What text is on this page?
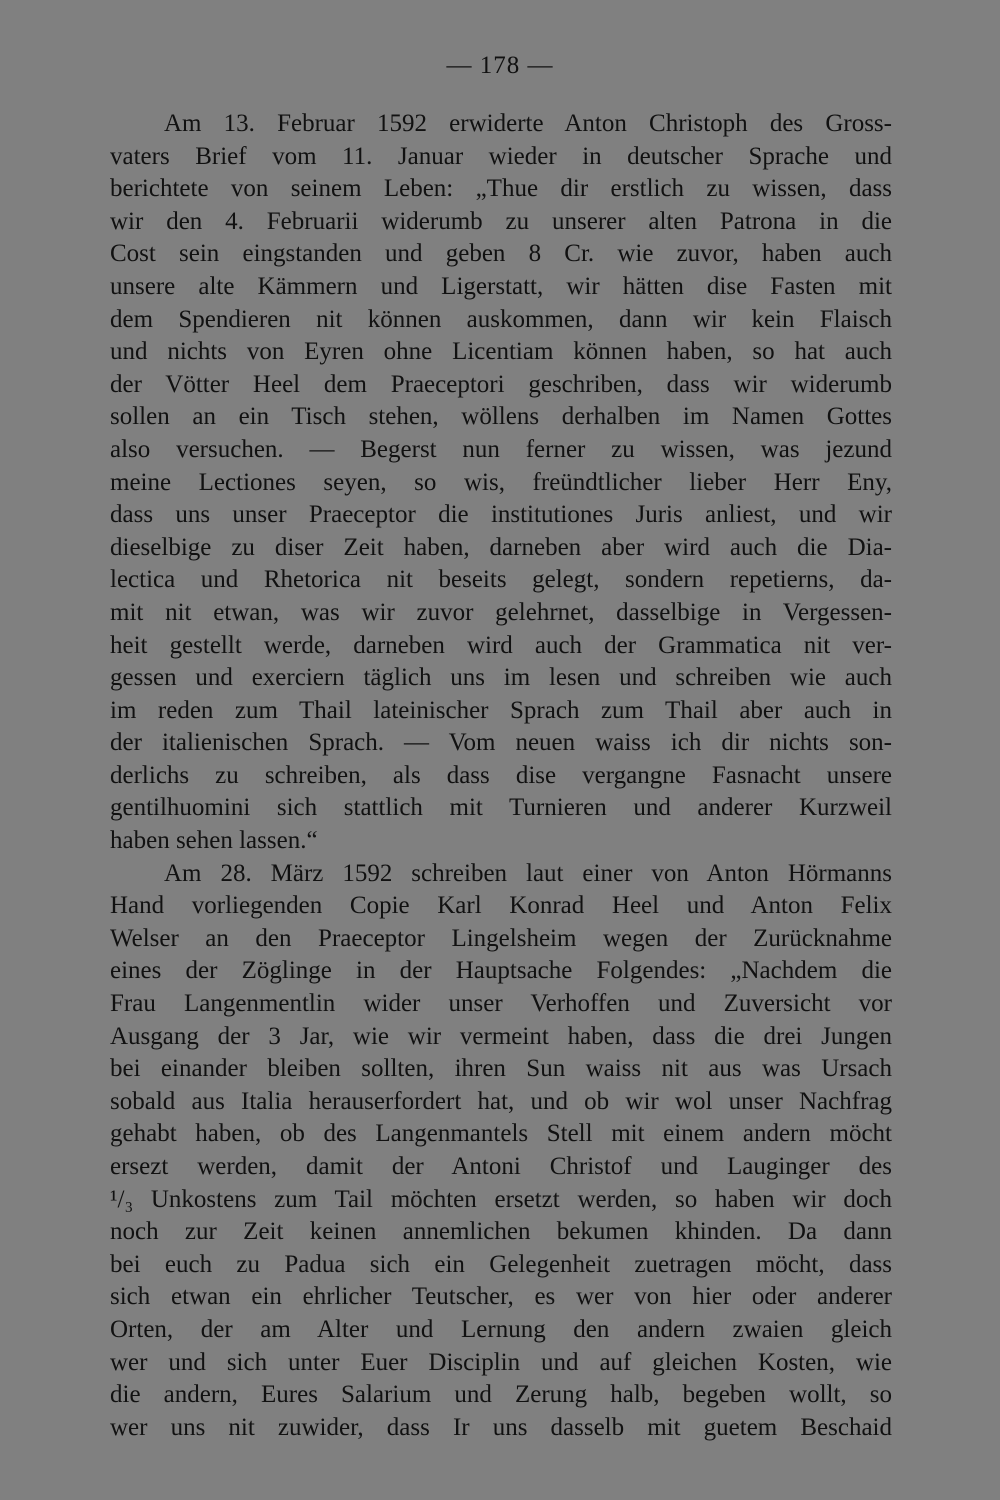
— 178 —
Am 13. Februar 1592 erwiderte Anton Christoph des Gross-
vaters Brief vom 11. Januar wieder in deutscher Sprache und
berichtete von seinem Leben: „Thue dir erstlich zu wissen, dass
wir den 4. Februarii widerumb zu unserer alten Patrona in die
Cost sein eingstanden und geben 8 Cr. wie zuvor, haben auch
unsere alte Kämmern und Ligerstatt, wir hätten dise Fasten mit
dem Spendieren nit können auskommen, dann wir kein Flaisch
und nichts von Eyren ohne Licentiam können haben, so hat auch
der Vötter Heel dem Praeceptori geschriben, dass wir widerumb
sollen an ein Tisch stehen, wöllens derhalben im Namen Gottes
also versuchen. — Begerst nun ferner zu wissen, was jezund
meine Lectiones seyen, so wis, freündtlicher lieber Herr Eny,
dass uns unser Praeceptor die institutiones Juris anliest, und wir
dieselbige zu diser Zeit haben, darneben aber wird auch die Dia-
lectica und Rhetorica nit beseits gelegt, sondern repetierns, da-
mit nit etwan, was wir zuvor gelehrnet, dasselbige in Vergessen-
heit gestellt werde, darneben wird auch der Grammatica nit ver-
gessen und exerciern täglich uns im lesen und schreiben wie auch
im reden zum Thail lateinischer Sprach zum Thail aber auch in
der italienischen Sprach. — Vom neuen waiss ich dir nichts son-
derlichs zu schreiben, als dass dise vergangne Fasnacht unsere
gentilhuomini sich stattlich mit Turnieren und anderer Kurzweil
haben sehen lassen.“
Am 28. März 1592 schreiben laut einer von Anton Hörmanns
Hand vorliegenden Copie Karl Konrad Heel und Anton Felix
Welser an den Praeceptor Lingelsheim wegen der Zurücknahme
eines der Zöglinge in der Hauptsache Folgendes: „Nachdem die
Frau Langenmentlin wider unser Verhoffen und Zuversicht vor
Ausgang der 3 Jar, wie wir vermeint haben, dass die drei Jungen
bei einander bleiben sollten, ihren Sun waiss nit aus was Ursach
sobald aus Italia herauserfordert hat, und ob wir wol unser Nachfrag
gehabt haben, ob des Langenmantels Stell mit einem andern möcht
ersezt werden, damit der Antoni Christof und Lauginger des
¹/₃ Unkostens zum Tail möchten ersetzt werden, so haben wir doch
noch zur Zeit keinen annemlichen bekumen khinden. Da dann
bei euch zu Padua sich ein Gelegenheit zuetragen möcht, dass
sich etwan ein ehrlicher Teutscher, es wer von hier oder anderer
Orten, der am Alter und Lernung den andern zwaien gleich
wer und sich unter Euer Disciplin und auf gleichen Kosten, wie
die andern, Eures Salarium und Zerung halb, begeben wollt, so
wer uns nit zuwider, dass Ir uns dasselb mit guetem Beschaid
